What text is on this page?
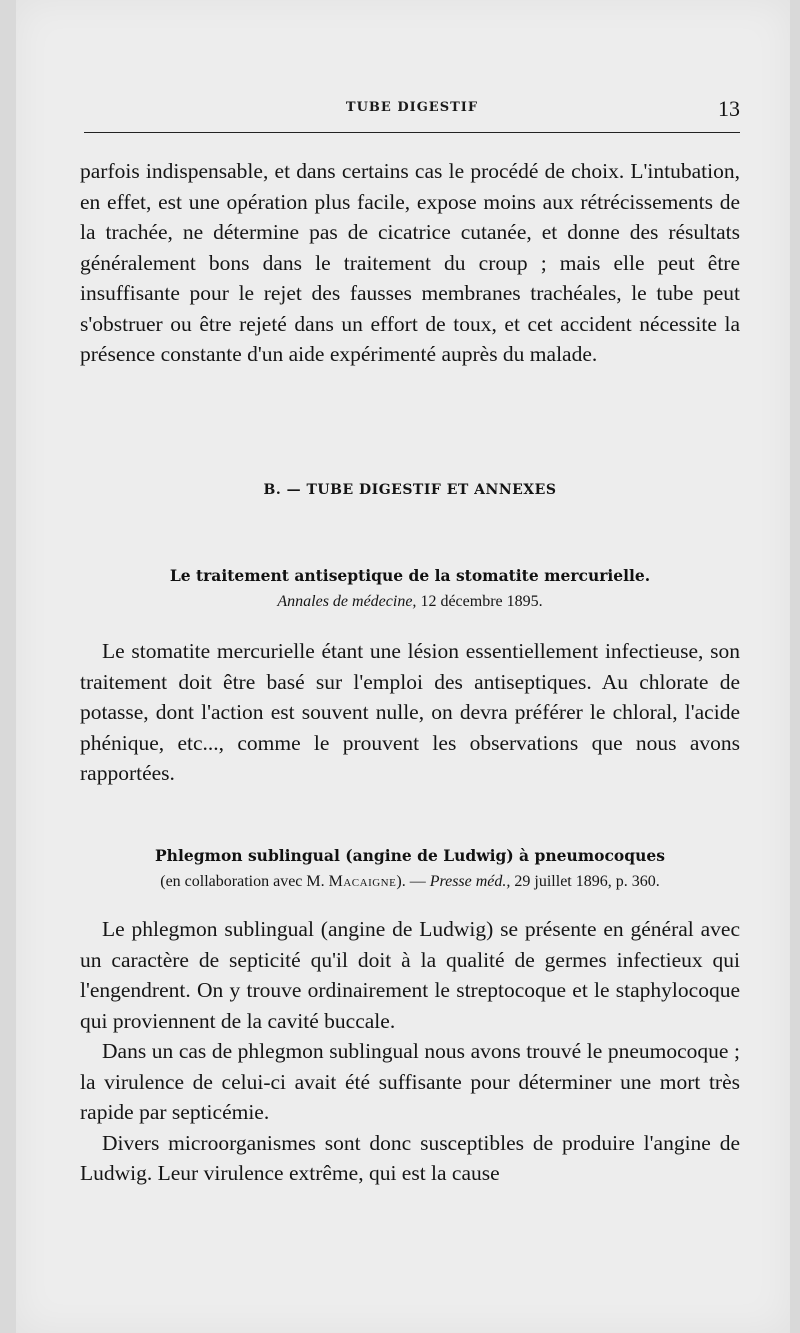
TUBE DIGESTIF	13

parfois indispensable, et dans certains cas le procédé de choix. L'intubation, en effet, est une opération plus facile, expose moins aux rétrécissements de la trachée, ne détermine pas de cicatrice cutanée, et donne des résultats généralement bons dans le traitement du croup ; mais elle peut être insuffisante pour le rejet des fausses membranes trachéales, le tube peut s'obstruer ou être rejeté dans un effort de toux, et cet accident nécessite la présence constante d'un aide expérimenté auprès du malade.

B. — TUBE DIGESTIF ET ANNEXES
Le traitement antiseptique de la stomatite mercurielle.
Annales de médecine, 12 décembre 1895.

Le stomatite mercurielle étant une lésion essentiellement infectieuse, son traitement doit être basé sur l'emploi des antiseptiques. Au chlorate de potasse, dont l'action est souvent nulle, on devra préférer le chloral, l'acide phénique, etc..., comme le prouvent les observations que nous avons rapportées.

Phlegmon sublingual (angine de Ludwig) à pneumocoques
(en collaboration avec M. Macaigne). — Presse méd., 29 juillet 1896, p. 360.

Le phlegmon sublingual (angine de Ludwig) se présente en général avec un caractère de septicité qu'il doit à la qualité de germes infectieux qui l'engendrent. On y trouve ordinairement le streptocoque et le staphylocoque qui proviennent de la cavité buccale.

Dans un cas de phlegmon sublingual nous avons trouvé le pneumocoque ; la virulence de celui-ci avait été suffisante pour déterminer une mort très rapide par septicémie.

Divers microorganismes sont donc susceptibles de produire l'angine de Ludwig. Leur virulence extrême, qui est la cause
